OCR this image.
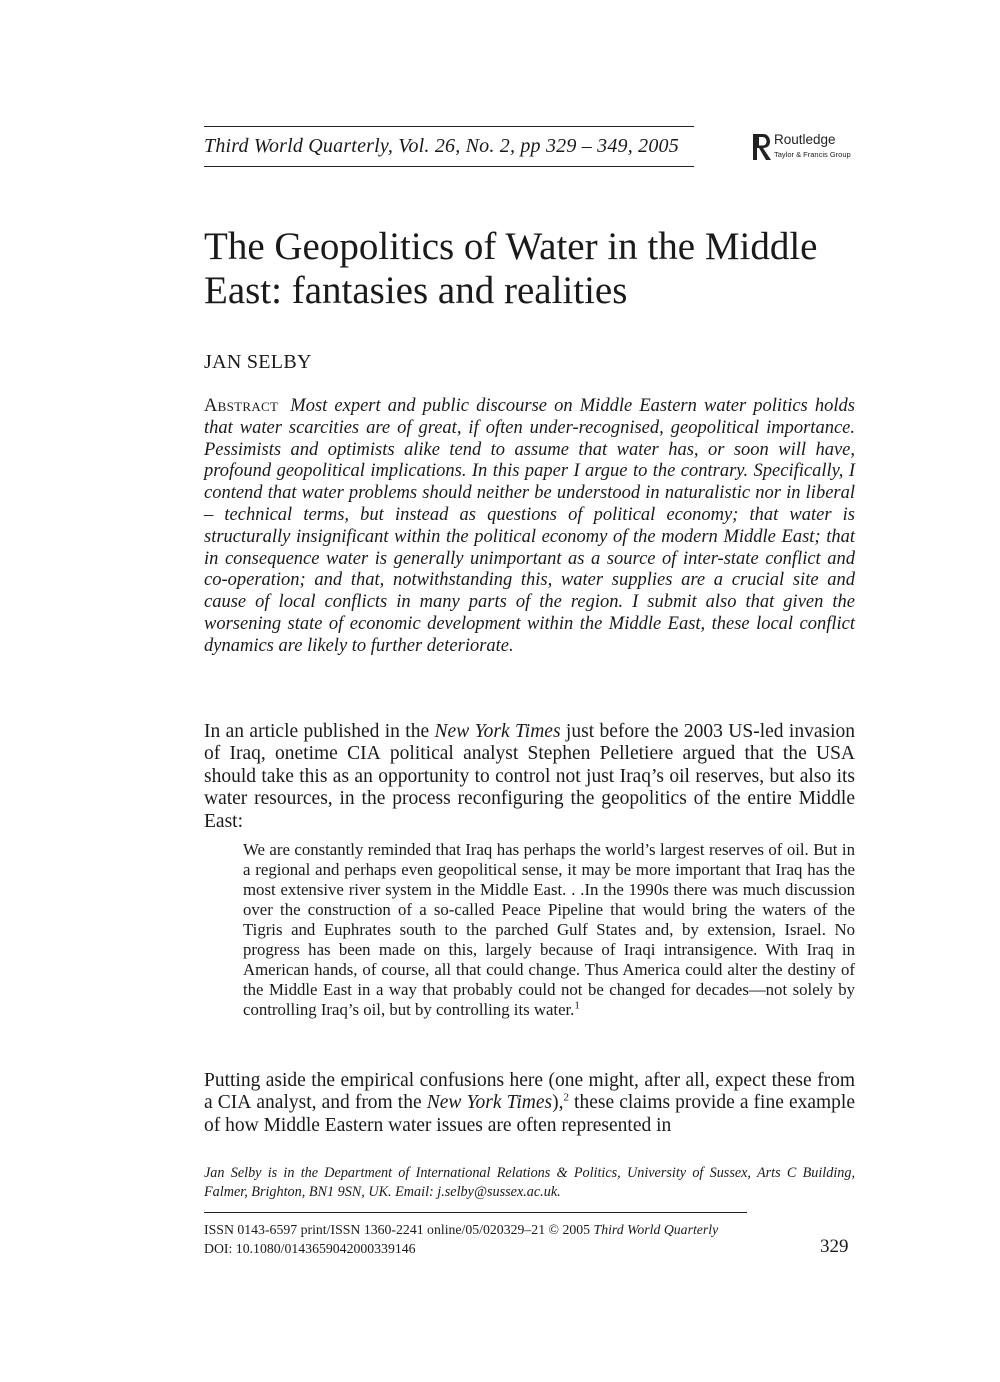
Third World Quarterly, Vol. 26, No. 2, pp 329 – 349, 2005	Routledge
Taylor & Francis Group
The Geopolitics of Water in the Middle East: fantasies and realities
JAN SELBY
Abstract Most expert and public discourse on Middle Eastern water politics holds that water scarcities are of great, if often under-recognised, geopolitical importance. Pessimists and optimists alike tend to assume that water has, or soon will have, profound geopolitical implications. In this paper I argue to the contrary. Specifically, I contend that water problems should neither be understood in naturalistic nor in liberal – technical terms, but instead as questions of political economy; that water is structurally insignificant within the political economy of the modern Middle East; that in consequence water is generally unimportant as a source of inter-state conflict and co-operation; and that, notwithstanding this, water supplies are a crucial site and cause of local conflicts in many parts of the region. I submit also that given the worsening state of economic development within the Middle East, these local conflict dynamics are likely to further deteriorate.
In an article published in the New York Times just before the 2003 US-led invasion of Iraq, onetime CIA political analyst Stephen Pelletiere argued that the USA should take this as an opportunity to control not just Iraq’s oil reserves, but also its water resources, in the process reconfiguring the geopolitics of the entire Middle East:
We are constantly reminded that Iraq has perhaps the world’s largest reserves of oil. But in a regional and perhaps even geopolitical sense, it may be more important that Iraq has the most extensive river system in the Middle East. . .In the 1990s there was much discussion over the construction of a so-called Peace Pipeline that would bring the waters of the Tigris and Euphrates south to the parched Gulf States and, by extension, Israel. No progress has been made on this, largely because of Iraqi intransigence. With Iraq in American hands, of course, all that could change. Thus America could alter the destiny of the Middle East in a way that probably could not be changed for decades—not solely by controlling Iraq’s oil, but by controlling its water.$^1$
Putting aside the empirical confusions here (one might, after all, expect these from a CIA analyst, and from the New York Times),$^2$ these claims provide a fine example of how Middle Eastern water issues are often represented in
Jan Selby is in the Department of International Relations & Politics, University of Sussex, Arts C Building, Falmer, Brighton, BN1 9SN, UK. Email: j.selby@sussex.ac.uk.
ISSN 0143-6597 print/ISSN 1360-2241 online/05/020329–21 © 2005 Third World Quarterly
DOI: 10.1080/0143659042000339146	329
